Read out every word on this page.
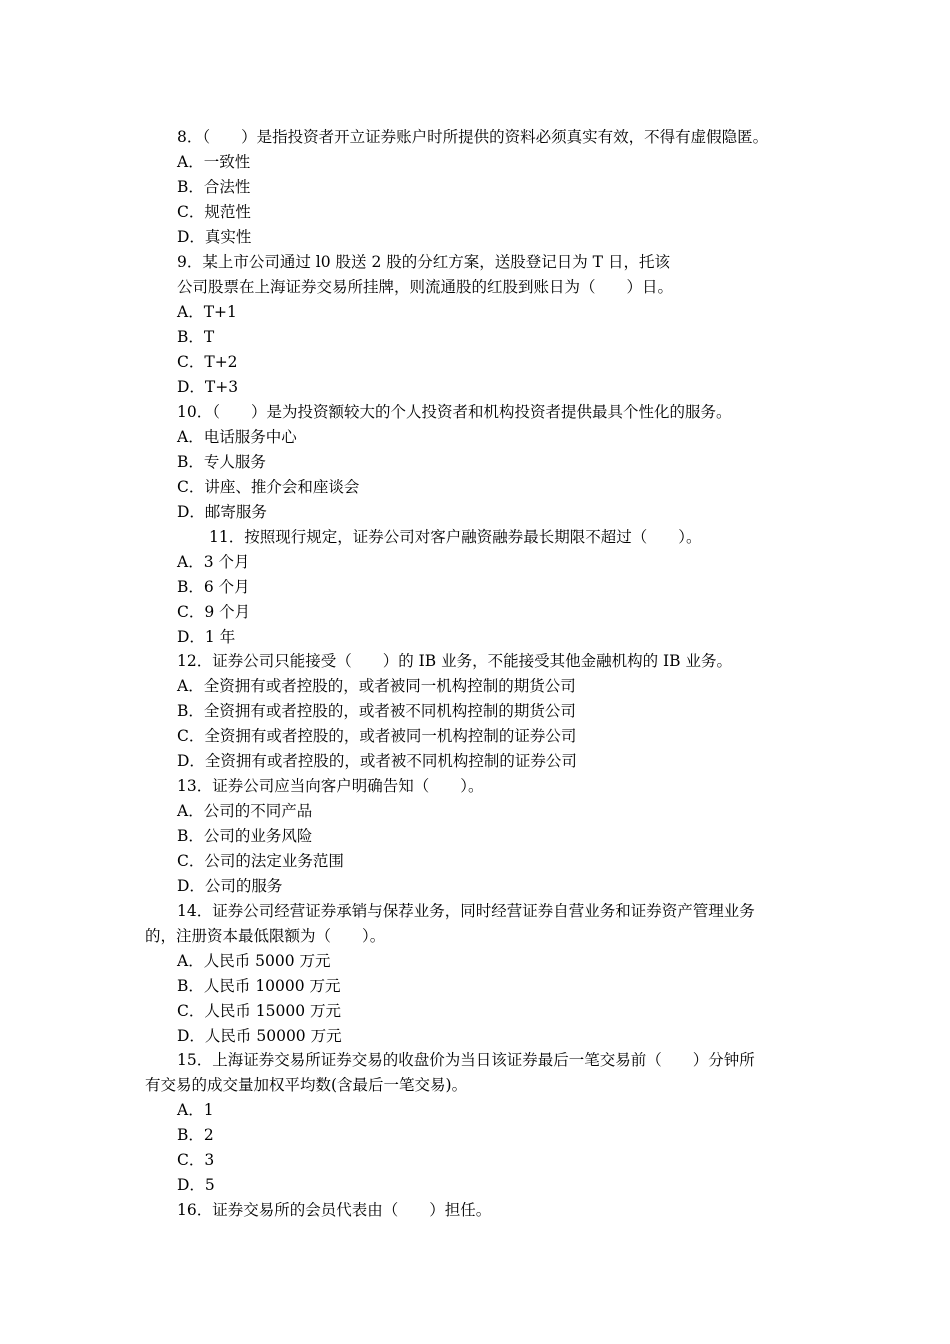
8．（　　）是指投资者开立证券账户时所提供的资料必须真实有效，不得有虚假隐匿。
A．一致性
B．合法性
C．规范性
D．真实性
9．某上市公司通过 l0 股送 2 股的分红方案，送股登记日为 T 日，托该
公司股票在上海证券交易所挂牌，则流通股的红股到账日为（　　）日。
A．T+1
B．T
C．T+2
D．T+3
10．（　　）是为投资额较大的个人投资者和机构投资者提供最具个性化的服务。
A．电话服务中心
B．专人服务
C．讲座、推介会和座谈会
D．邮寄服务
11．按照现行规定，证券公司对客户融资融券最长期限不超过（　　）。
A．3 个月
B．6 个月
C．9 个月
D．1 年
12．证券公司只能接受（　　）的 IB 业务，不能接受其他金融机构的 IB 业务。
A．全资拥有或者控股的，或者被同一机构控制的期货公司
B．全资拥有或者控股的，或者被不同机构控制的期货公司
C．全资拥有或者控股的，或者被同一机构控制的证券公司
D．全资拥有或者控股的，或者被不同机构控制的证券公司
13．证券公司应当向客户明确告知（　　）。
A．公司的不同产品
B．公司的业务风险
C．公司的法定业务范围
D．公司的服务
14．证券公司经营证券承销与保荐业务，同时经营证券自营业务和证券资产管理业务
的，注册资本最低限额为（　　）。
A．人民币 5000 万元
B．人民币 10000 万元
C．人民币 15000 万元
D．人民币 50000 万元
15．上海证券交易所证券交易的收盘价为当日该证券最后一笔交易前（　　）分钟所
有交易的成交量加权平均数(含最后一笔交易)。
A．1
B．2
C．3
D．5
16．证券交易所的会员代表由（　　）担任。
